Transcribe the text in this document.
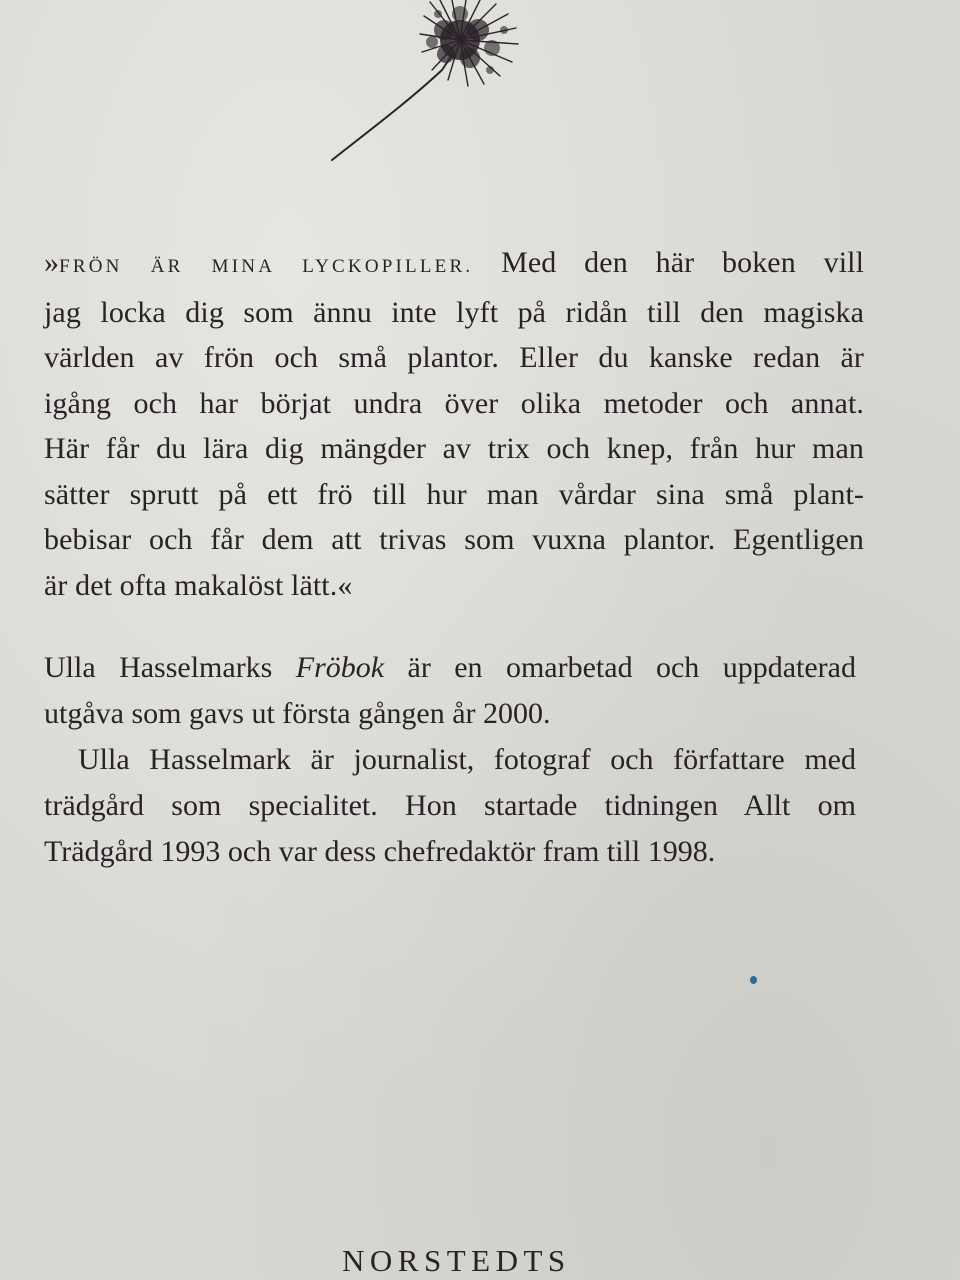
»FRÖN ÄR MINA LYCKOPILLER. Med den här boken vill
jag locka dig som ännu inte lyft på ridån till den magiska
världen av frön och små plantor. Eller du kanske redan är
igång och har börjat undra över olika metoder och annat.
Här får du lära dig mängder av trix och knep, från hur man
sätter sprutt på ett frö till hur man vårdar sina små plant-
bebisar och får dem att trivas som vuxna plantor. Egentligen
är det ofta makalöst lätt.«
Ulla Hasselmarks Fröbok är en omarbetad och uppdaterad
utgåva som gavs ut första gången år 2000.
Ulla Hasselmark är journalist, fotograf och författare med
trädgård som specialitet. Hon startade tidningen Allt om
Trädgård 1993 och var dess chefredaktör fram till 1998.
NORSTEDTS
